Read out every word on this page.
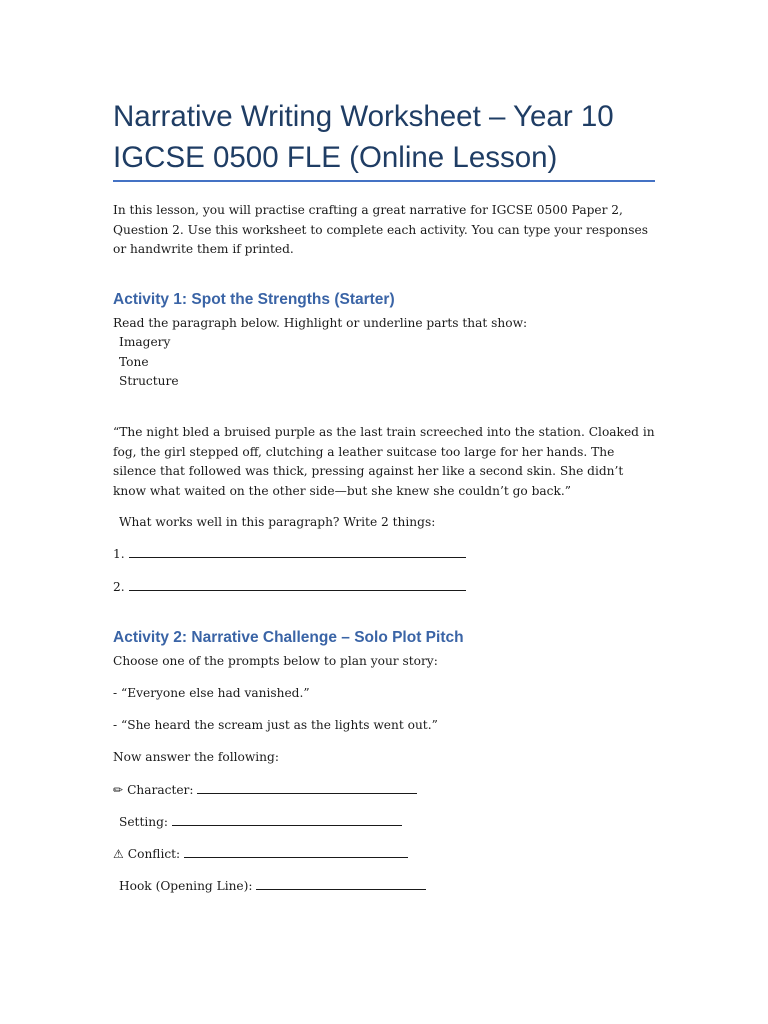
Narrative Writing Worksheet – Year 10 IGCSE 0500 FLE (Online Lesson)

In this lesson, you will practise crafting a great narrative for IGCSE 0500 Paper 2, Question 2. Use this worksheet to complete each activity. You can type your responses or handwrite them if printed.

Activity 1: Spot the Strengths (Starter)

Read the paragraph below. Highlight or underline parts that show:

Imagery
Tone
Structure

“The night bled a bruised purple as the last train screeched into the station. Cloaked in fog, the girl stepped off, clutching a leather suitcase too large for her hands. The silence that followed was thick, pressing against her like a second skin. She didn’t know what waited on the other side—but she knew she couldn’t go back.”

What works well in this paragraph? Write 2 things:

1.
2.
Activity 2: Narrative Challenge – Solo Plot Pitch

Choose one of the prompts below to plan your story:

- “Everyone else had vanished.”

- “She heard the scream just as the lights went out.”

Now answer the following:

✏ Character:
Setting:
⚠ Conflict:
Hook (Opening Line):
